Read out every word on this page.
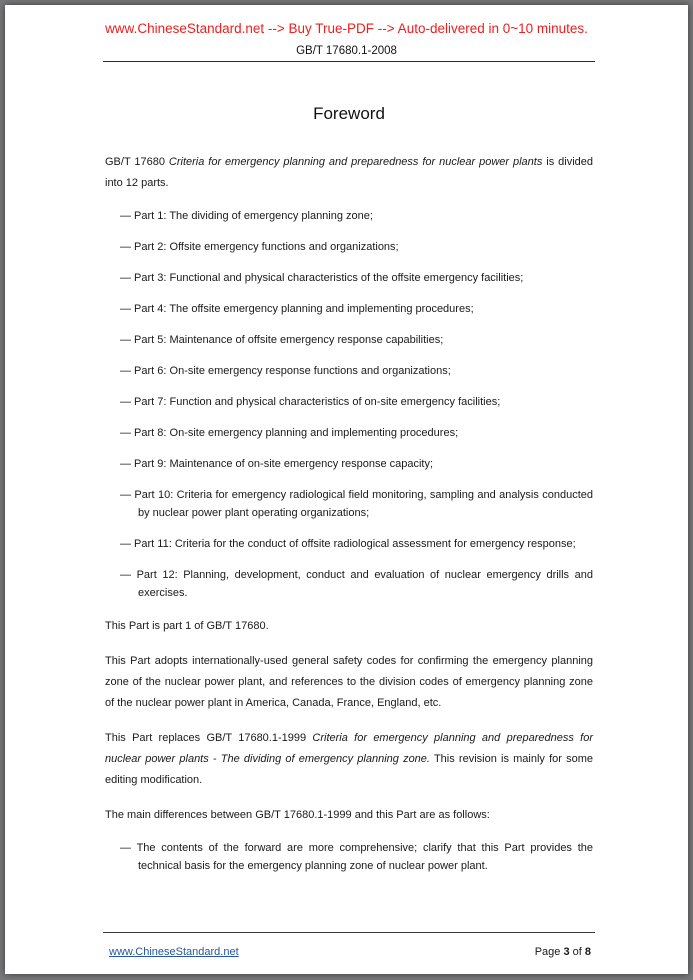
www.ChineseStandard.net --> Buy True-PDF --> Auto-delivered in 0~10 minutes.
GB/T 17680.1-2008
Foreword

GB/T 17680 Criteria for emergency planning and preparedness for nuclear power plants is divided into 12 parts.

— Part 1: The dividing of emergency planning zone;

— Part 2: Offsite emergency functions and organizations;

— Part 3: Functional and physical characteristics of the offsite emergency facilities;

— Part 4: The offsite emergency planning and implementing procedures;

— Part 5: Maintenance of offsite emergency response capabilities;

— Part 6: On-site emergency response functions and organizations;

— Part 7: Function and physical characteristics of on-site emergency facilities;

— Part 8: On-site emergency planning and implementing procedures;

— Part 9: Maintenance of on-site emergency response capacity;

— Part 10: Criteria for emergency radiological field monitoring, sampling and analysis conducted by nuclear power plant operating organizations;

— Part 11: Criteria for the conduct of offsite radiological assessment for emergency response;

— Part 12: Planning, development, conduct and evaluation of nuclear emergency drills and exercises.

This Part is part 1 of GB/T 17680.

This Part adopts internationally-used general safety codes for confirming the emergency planning zone of the nuclear power plant, and references to the division codes of emergency planning zone of the nuclear power plant in America, Canada, France, England, etc.

This Part replaces GB/T 17680.1-1999 Criteria for emergency planning and preparedness for nuclear power plants - The dividing of emergency planning zone. This revision is mainly for some editing modification.

The main differences between GB/T 17680.1-1999 and this Part are as follows:

— The contents of the forward are more comprehensive; clarify that this Part provides the technical basis for the emergency planning zone of nuclear power plant.

www.ChineseStandard.net	Page 3 of 8
